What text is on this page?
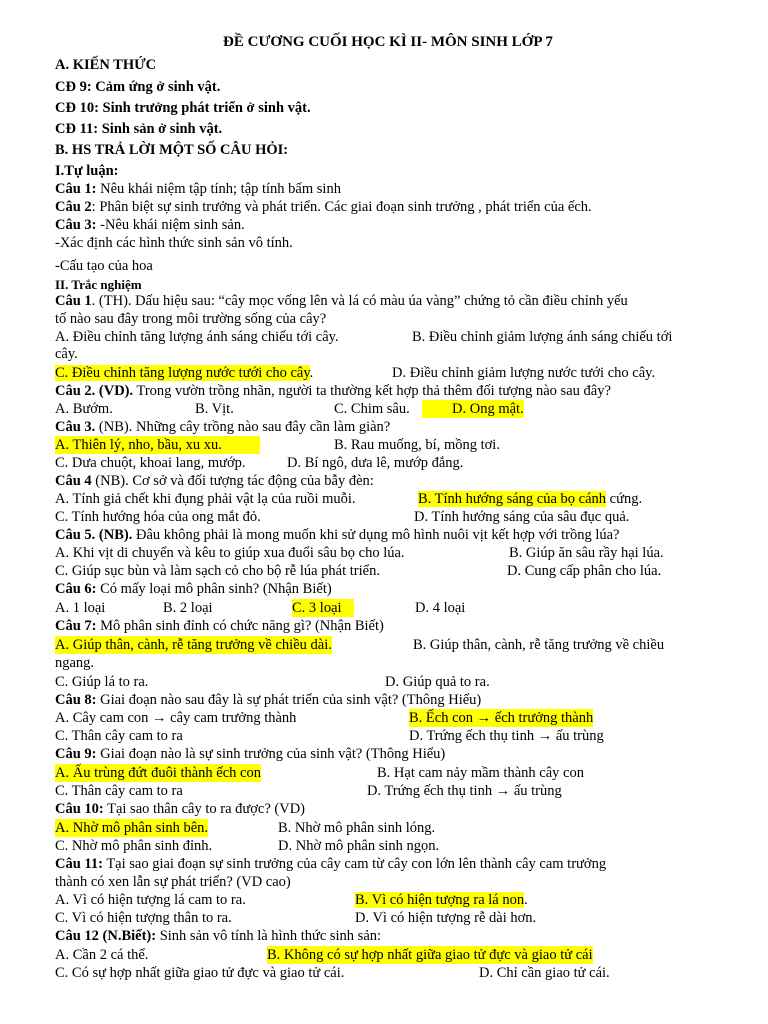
ĐỀ CƯƠNG CUỐI HỌC KÌ II- MÔN SINH LỚP 7
A. KIẾN THỨC
CĐ 9: Cảm ứng ở sinh vật.
CĐ 10: Sinh trưởng phát triển ở sinh vật.
CĐ 11: Sinh sản ở sinh vật.
B. HS TRẢ LỜI MỘT SỐ CÂU HỎI:
I.Tự luận:
Câu 1: Nêu khái niệm tập tính; tập tính bẩm sinh
Câu 2: Phân biệt sự sinh trưởng và phát triển. Các giai đoạn sinh trưởng , phát triển của ếch.
Câu 3: -Nêu khái niệm sinh sản.
-Xác định các hình thức sinh sản vô tính.
-Cấu tạo của hoa
II. Trắc nghiệm
Câu 1. (TH). Dấu hiệu sau: “cây mọc vống lên và lá có màu úa vàng” chứng tỏ cần điều chỉnh yếu
tố nào sau đây trong môi trường sống của cây?
A. Điều chỉnh tăng lượng ánh sáng chiếu tới cây.	B. Điều chỉnh giảm lượng ánh sáng chiếu tới
cây.
C. Điều chỉnh tăng lượng nước tưới cho cây.	D. Điều chỉnh giảm lượng nước tưới cho cây.
Câu 2. (VD). Trong vườn trồng nhãn, người ta thường kết hợp thả thêm đối tượng nào sau đây?
A. Bướm.	B. Vịt.	C. Chim sâu.	D. Ong mật.
Câu 3. (NB). Những cây trồng nào sau đây cần làm giàn?
A. Thiên lý, nho, bầu, xu xu.	B. Rau muống, bí, mồng tơi.
C. Dưa chuột, khoai lang, mướp.	D. Bí ngô, dưa lê, mướp đắng.
Câu 4 (NB). Cơ sở và đối tượng tác động của bẫy đèn:
A. Tính giả chết khi đụng phải vật lạ của ruồi muỗi.	B. Tính hướng sáng của bọ cánh cứng.
C. Tính hướng hóa của ong mắt đỏ.	D. Tính hướng sáng của sâu đục quả.
Câu 5. (NB). Đâu không phải là mong muốn khi sử dụng mô hình nuôi vịt kết hợp với trồng lúa?
A. Khi vịt di chuyển và kêu to giúp xua đuổi sâu bọ cho lúa.	B. Giúp ăn sâu rầy hại lúa.
C. Giúp sục bùn và làm sạch cỏ cho bộ rễ lúa phát triển.	D. Cung cấp phân cho lúa.
Câu 6: Có mấy loại mô phân sinh? (Nhận Biết)
A. 1 loại	B. 2 loại	C. 3 loại	D. 4 loại
Câu 7: Mô phân sinh đỉnh có chức năng gì? (Nhận Biết)
A. Giúp thân, cành, rễ tăng trưởng về chiều dài.	B. Giúp thân, cành, rễ tăng trưởng về chiều
ngang.
C. Giúp lá to ra.	D. Giúp quả to ra.
Câu 8: Giai đoạn nào sau đây là sự phát triển của sinh vật? (Thông Hiểu)
A. Cây cam con → cây cam trưởng thành	B. Ếch con → ếch trưởng thành
C. Thân cây cam to ra	D. Trứng ếch thụ tinh → ấu trùng
Câu 9: Giai đoạn nào là sự sinh trưởng của sinh vật? (Thông Hiểu)
A. Ấu trùng đứt đuôi thành ếch con	B. Hạt cam nảy mầm thành cây con
C. Thân cây cam to ra	D. Trứng ếch thụ tinh → ấu trùng
Câu 10: Tại sao thân cây to ra được? (VD)
A. Nhờ mô phân sinh bên.	B. Nhờ mô phân sinh lóng.
C. Nhờ mô phân sinh đỉnh.	D. Nhờ mô phân sinh ngọn.
Câu 11: Tại sao giai đoạn sự sinh trưởng của cây cam từ cây con lớn lên thành cây cam trưởng
thành có xen lẫn sự phát triển? (VD cao)
A. Vì có hiện tượng lá cam to ra.	B. Vì có hiện tượng ra lá non.
C. Vì có hiện tượng thân to ra.	D. Vì có hiện tượng rễ dài hơn.
Câu 12 (N.Biết): Sinh sản vô tính là hình thức sinh sản:
A. Cần 2 cá thể.	B. Không có sự hợp nhất giữa giao tử đực và giao tử cái
C. Có sự hợp nhất giữa giao tử đực và giao tử cái.	D. Chỉ cần giao tử cái.
